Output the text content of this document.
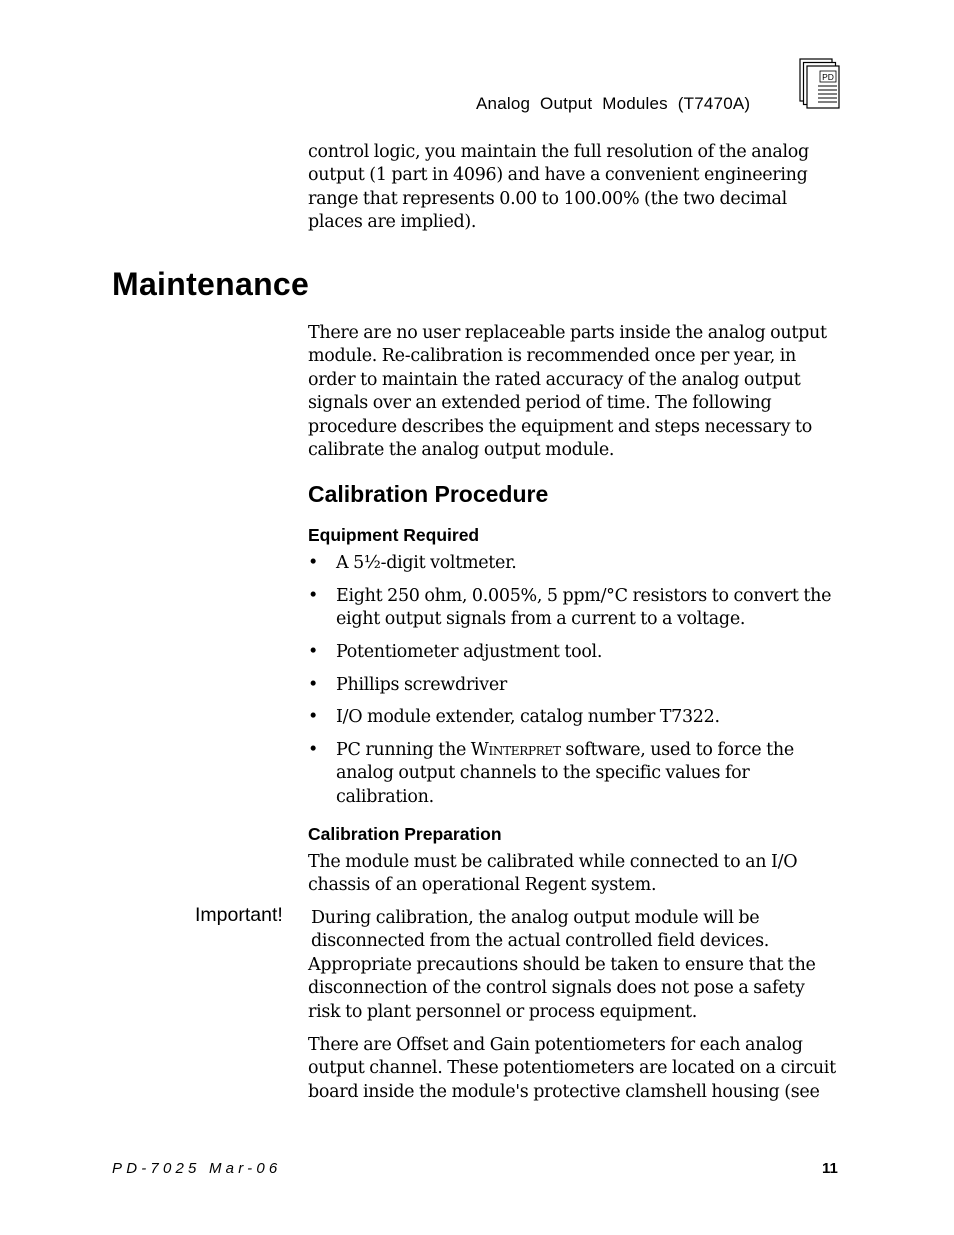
Analog Output Modules (T7470A)
PD

control logic, you maintain the full resolution of the analog output (1 part in 4096) and have a convenient engineering range that represents 0.00 to 100.00% (the two decimal places are implied).

Maintenance

There are no user replaceable parts inside the analog output module. Re-calibration is recommended once per year, in order to maintain the rated accuracy of the analog output signals over an extended period of time. The following procedure describes the equipment and steps necessary to calibrate the analog output module.

Calibration Procedure
Equipment Required
• A 5½-digit voltmeter.
• Eight 250 ohm, 0.005%, 5 ppm/°C resistors to convert the eight output signals from a current to a voltage.
• Potentiometer adjustment tool.
• Phillips screwdriver
• I/O module extender, catalog number T7322.
• PC running the Winterpret software, used to force the analog output channels to the specific values for calibration.
Calibration Preparation

The module must be calibrated while connected to an I/O chassis of an operational Regent system.

Important! During calibration, the analog output module will be
disconnected from the actual controlled field devices.
Appropriate precautions should be taken to ensure that the disconnection of the control signals does not pose a safety risk to plant personnel or process equipment.

There are Offset and Gain potentiometers for each analog output channel. These potentiometers are located on a circuit board inside the module's protective clamshell housing (see

PD-7025 Mar-06	11
